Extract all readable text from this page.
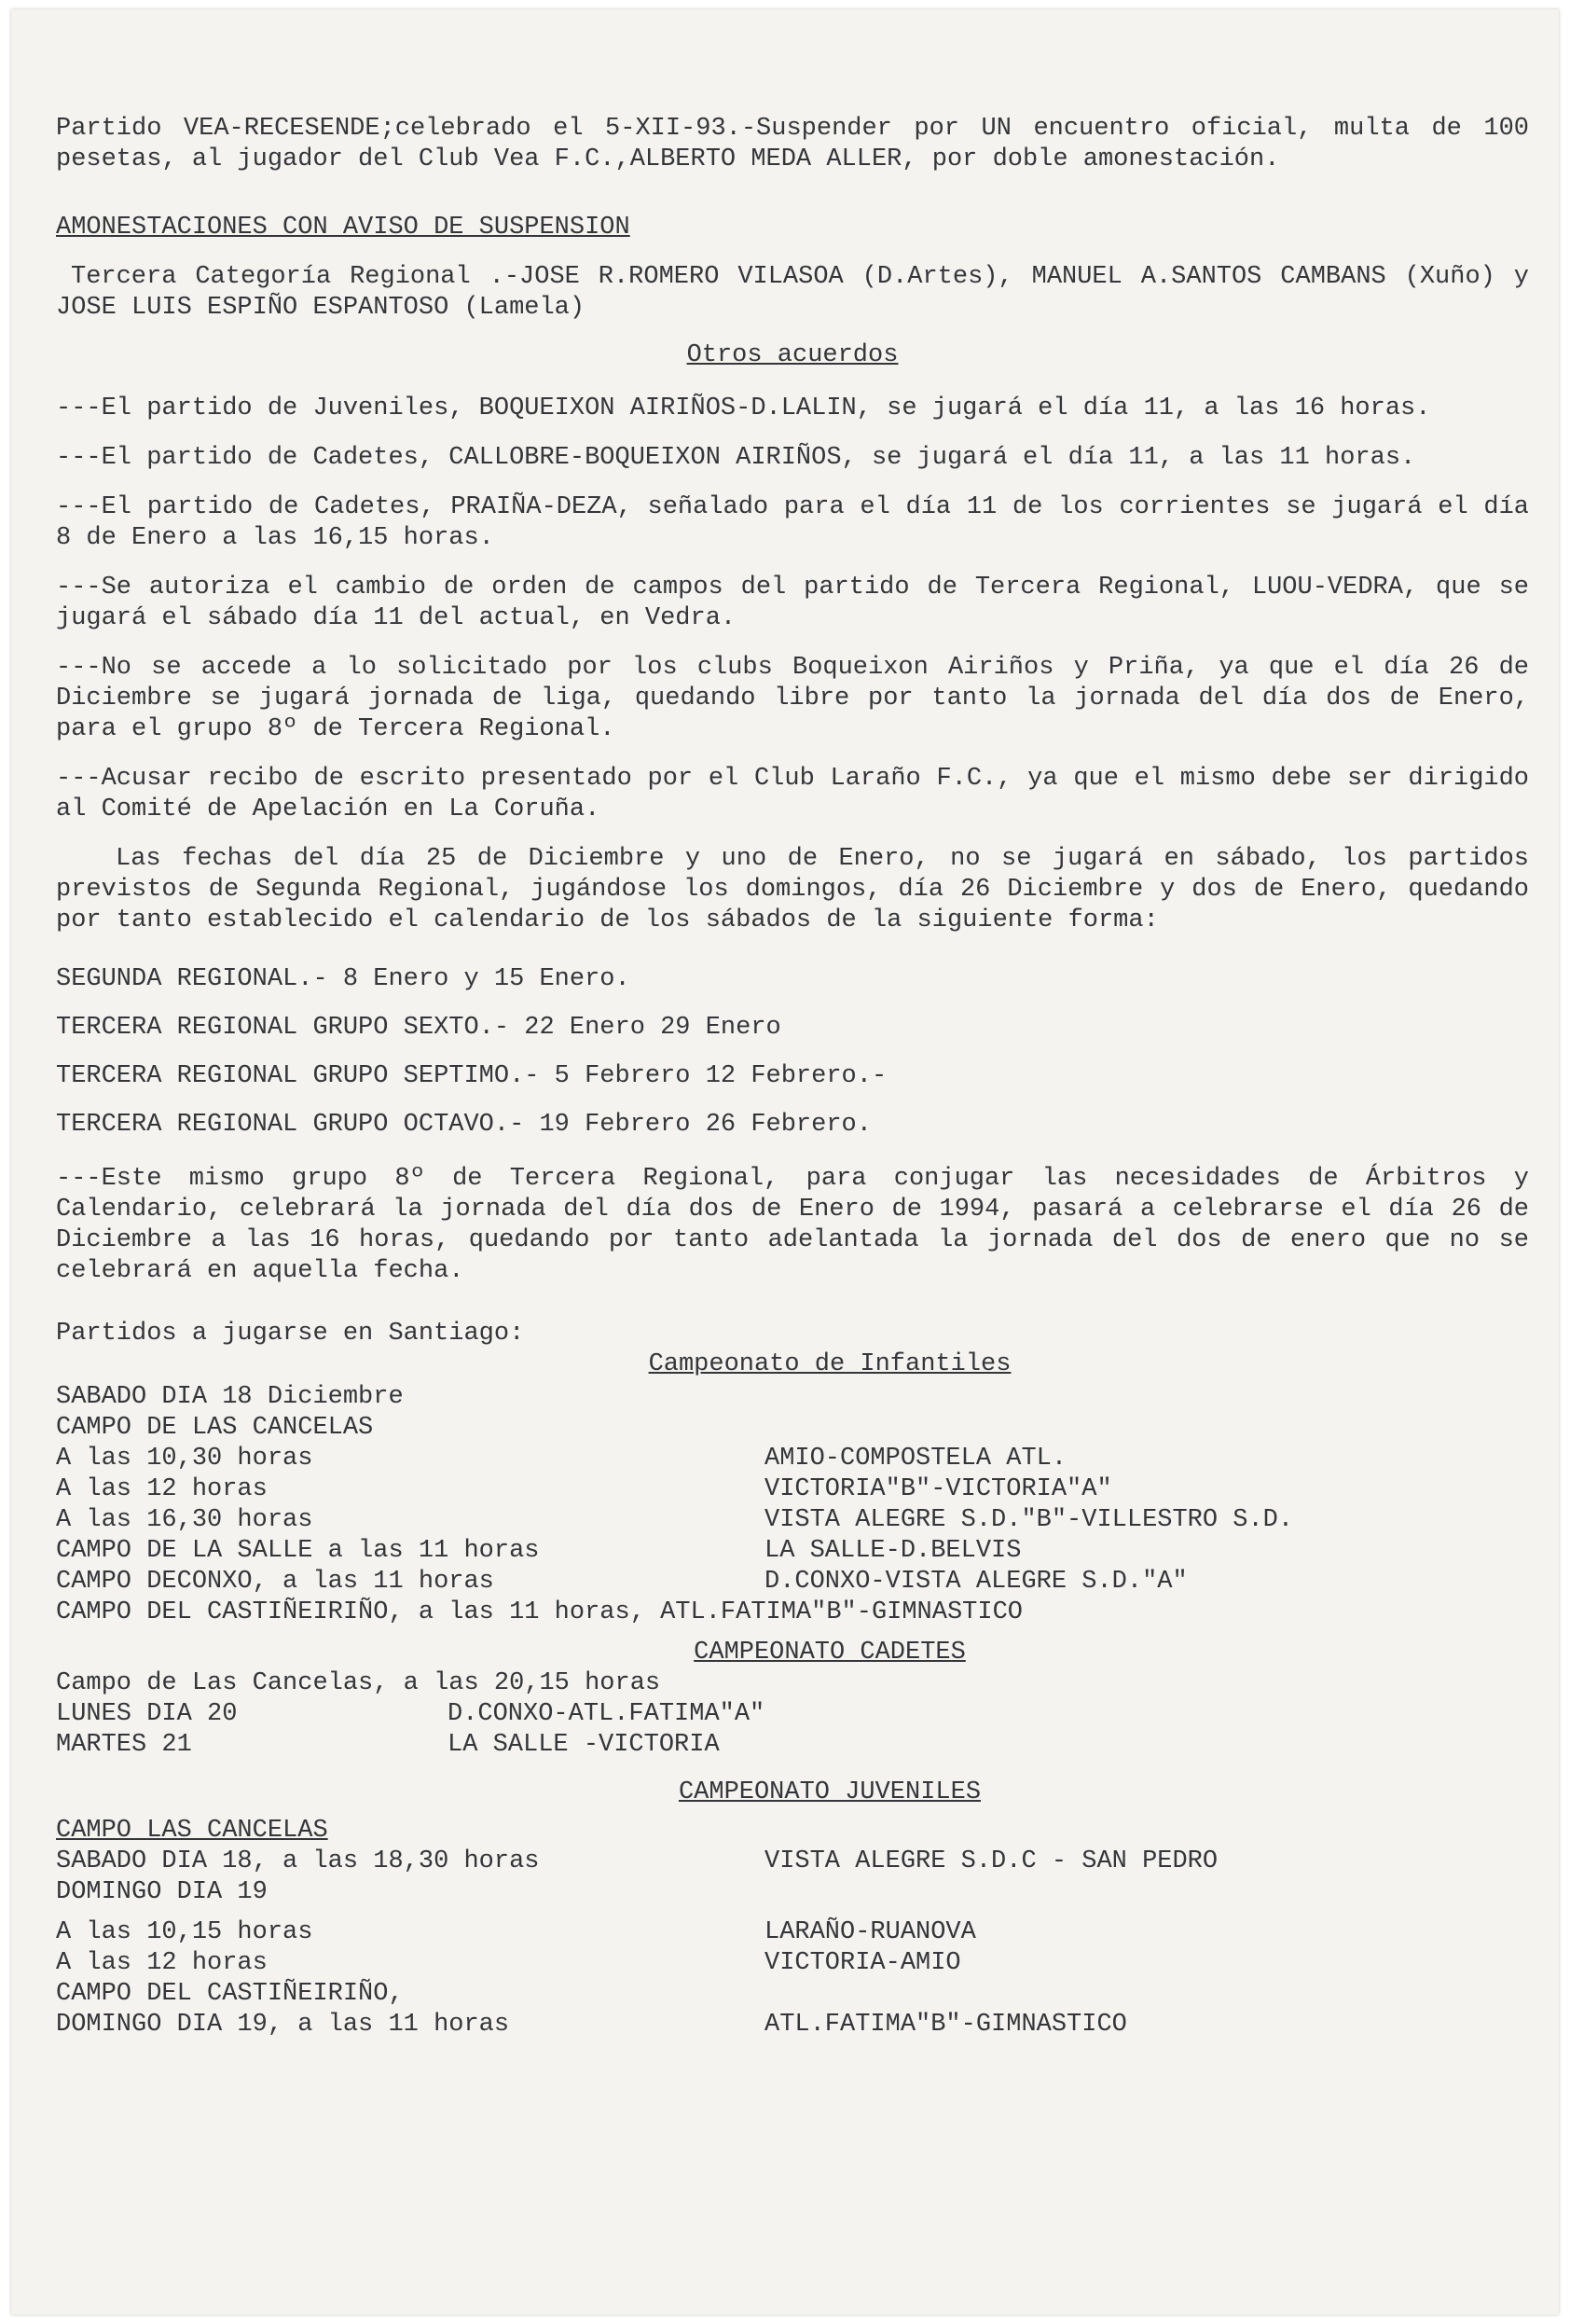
Partido VEA-RECESENDE;celebrado el 5-XII-93.-Suspender por UN encuentro oficial, multa de 100 pesetas, al jugador del Club Vea F.C.,ALBERTO MEDA ALLER, por doble amonestación.

AMONESTACIONES CON AVISO DE SUSPENSION

Tercera Categoría Regional .-JOSE R.ROMERO VILASOA (D.Artes), MANUEL A.SANTOS CAMBANS (Xuño) y JOSE LUIS ESPIÑO ESPANTOSO (Lamela)

Otros acuerdos

---El partido de Juveniles, BOQUEIXON AIRIÑOS-D.LALIN, se jugará el día 11, a las 16 horas.

---El partido de Cadetes, CALLOBRE-BOQUEIXON AIRIÑOS, se jugará el día 11, a las 11 horas.

---El partido de Cadetes, PRAIÑA-DEZA, señalado para el día 11 de los corrientes se jugará el día 8 de Enero a las 16,15 horas.

---Se autoriza el cambio de orden de campos del partido de Tercera Regional, LUOU-VEDRA, que se jugará el sábado día 11 del actual, en Vedra.

---No se accede a lo solicitado por los clubs Boqueixon Airiños y Priña, ya que el día 26 de Diciembre se jugará jornada de liga, quedando libre por tanto la jornada del día dos de Enero, para el grupo 8º de Tercera Regional.

---Acusar recibo de escrito presentado por el Club Laraño F.C., ya que el mismo debe ser dirigido al Comité de Apelación en La Coruña.

Las fechas del día 25 de Diciembre y uno de Enero, no se jugará en sábado, los partidos previstos de Segunda Regional, jugándose los domingos, día 26 Diciembre y dos de Enero, quedando por tanto establecido el calendario de los sábados de la siguiente forma:

SEGUNDA REGIONAL.- 8 Enero y 15 Enero.
TERCERA REGIONAL GRUPO SEXTO.- 22 Enero 29 Enero
TERCERA REGIONAL GRUPO SEPTIMO.- 5 Febrero 12 Febrero.-
TERCERA REGIONAL GRUPO OCTAVO.- 19 Febrero 26 Febrero.

---Este mismo grupo 8º de Tercera Regional, para conjugar las necesidades de Árbitros y Calendario, celebrará la jornada del día dos de Enero de 1994, pasará a celebrarse el día 26 de Diciembre a las 16 horas, quedando por tanto adelantada la jornada del dos de enero que no se celebrará en aquella fecha.

Partidos a jugarse en Santiago:
Campeonato de Infantiles
SABADO DIA 18 Diciembre
CAMPO DE LAS CANCELAS
A las 10,30 horas	AMIO-COMPOSTELA ATL.
A las 12 horas	VICTORIA"B"-VICTORIA"A"
A las 16,30 horas	VISTA ALEGRE S.D."B"-VILLESTRO S.D.
CAMPO DE LA SALLE a las 11 horas	LA SALLE-D.BELVIS
CAMPO DECONXO, a las 11 horas	D.CONXO-VISTA ALEGRE S.D."A"
CAMPO DEL CASTIÑEIRIÑO, a las 11 horas, ATL.FATIMA"B"-GIMNASTICO
CAMPEONATO CADETES
Campo de Las Cancelas, a las 20,15 horas
LUNES DIA 20	D.CONXO-ATL.FATIMA"A"
MARTES 21	LA SALLE -VICTORIA
CAMPEONATO JUVENILES
CAMPO LAS CANCELAS
SABADO DIA 18, a las 18,30 horas	VISTA ALEGRE S.D.C - SAN PEDRO
DOMINGO DIA 19
A las 10,15 horas	LARAÑO-RUANOVA
A las 12 horas	VICTORIA-AMIO
CAMPO DEL CASTIÑEIRIÑO,
DOMINGO DIA 19, a las 11 horas	ATL.FATIMA"B"-GIMNASTICO
